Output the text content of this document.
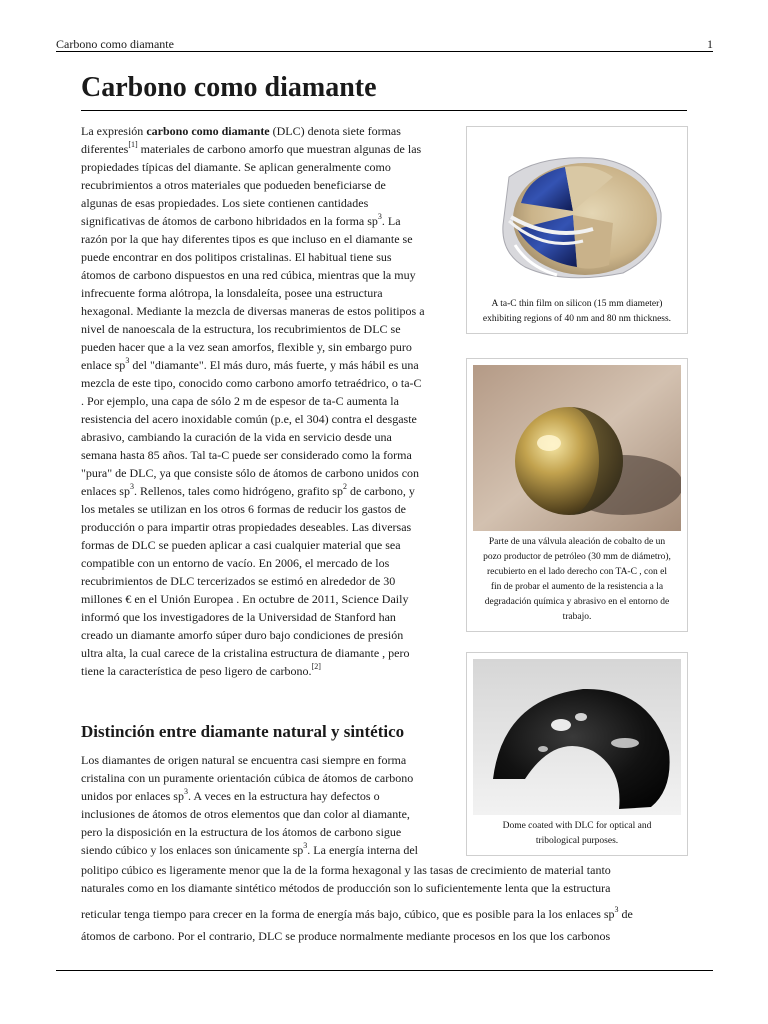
Carbono como diamante	1
Carbono como diamante
La expresión carbono como diamante (DLC) denota siete formas
diferentes[1] materiales de carbono amorfo que muestran algunas de las
propiedades típicas del diamante. Se aplican generalmente como
recubrimientos a otros materiales que podueden beneficiarse de
algunas de esas propiedades. Los siete contienen cantidades
significativas de átomos de carbono hibridados en la forma $sp^3$. La
razón por la que hay diferentes tipos es que incluso en el diamante se
puede encontrar en dos politipos cristalinas. El habitual tiene sus
átomos de carbono dispuestos en una red cúbica, mientras que la muy
infrecuente forma alótropa, la lonsdaleíta, posee una estructura
hexagonal. Mediante la mezcla de diversas maneras de estos politipos a
nivel de nanoescala de la estructura, los recubrimientos de DLC se
pueden hacer que a la vez sean amorfos, flexible y, sin embargo puro
enlace $sp^3$ del "diamante". El más duro, más fuerte, y más hábil es una
mezcla de este tipo, conocido como carbono amorfo tetraédrico, o ta-C
. Por ejemplo, una capa de sólo 2 m de espesor de ta-C aumenta la
resistencia del acero inoxidable común (p.e, el 304) contra el desgaste
abrasivo, cambiando la curación de la vida en servicio desde una
semana hasta 85 años. Tal ta-C puede ser considerado como la forma
"pura" de DLC, ya que consiste sólo de átomos de carbono unidos con
enlaces $sp^3$. Rellenos, tales como hidrógeno, grafito $sp^2$ de carbono, y
los metales se utilizan en los otros 6 formas de reducir los gastos de
producción o para impartir otras propiedades deseables. Las diversas
formas de DLC se pueden aplicar a casi cualquier material que sea
compatible con un entorno de vacío. En 2006, el mercado de los
recubrimientos de DLC tercerizados se estimó en alrededor de 30
millones € en el Unión Europea . En octubre de 2011, Science Daily
informó que los investigadores de la Universidad de Stanford han
creado un diamante amorfo súper duro bajo condiciones de presión
ultra alta, la cual carece de la cristalina estructura de diamante , pero
tiene la característica de peso ligero de carbono.[2]
Distinción entre diamante natural y sintético
Los diamantes de origen natural se encuentra casi siempre en forma
cristalina con un puramente orientación cúbica de átomos de carbono
unidos por enlaces $sp^3$. A veces en la estructura hay defectos o
inclusiones de átomos de otros elementos que dan color al diamante,
pero la disposición en la estructura de los átomos de carbono sigue
siendo cúbico y los enlaces son únicamente $sp^3$. La energía interna del
politipo cúbico es ligeramente menor que la de la forma hexagonal y las tasas de crecimiento de material tanto
naturales como en los diamante sintético métodos de producción son lo suficientemente lenta que la estructura
reticular tenga tiempo para crecer en la forma de energía más bajo, cúbico, que es posible para la los enlaces $sp^3$ de
átomos de carbono. Por el contrario, DLC se produce normalmente mediante procesos en los que los carbonos
A ta-C thin film on silicon (15 mm diameter)
exhibiting regions of 40 nm and 80 nm thickness.
Parte de una válvula aleación de cobalto de un
pozo productor de petróleo (30 mm de diámetro),
recubierto en el lado derecho con TA-C , con el
fin de probar el aumento de la resistencia a la
degradación química y abrasivo en el entorno de
trabajo.
Dome coated with DLC for optical and
tribological purposes.
